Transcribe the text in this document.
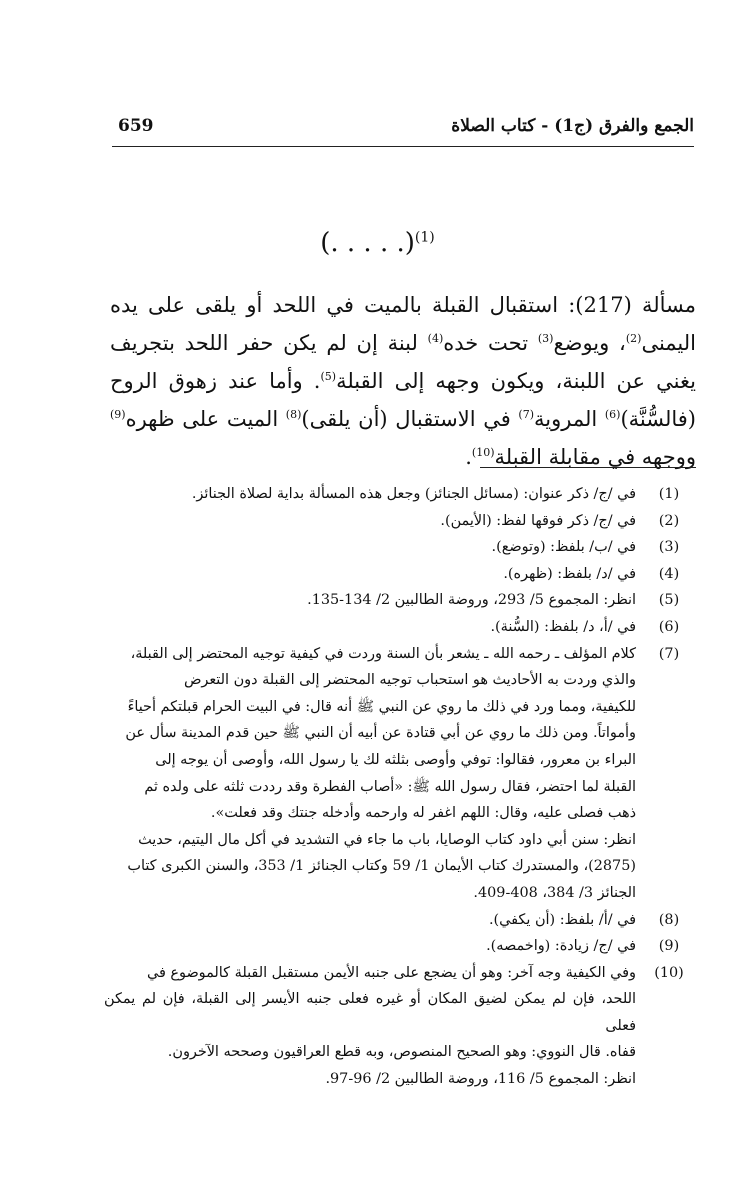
الجمع والفرق (ج1) - كتاب الصلاة
659
(. . . . .)$^{(1)}$

مسألة (217): استقبال القبلة بالميت في اللحد أو يلقى على يده اليمنى$^{(2)}$، ويوضع$^{(3)}$ تحت خده$^{(4)}$ لبنة إن لم يكن حفر اللحد بتجريف يغني عن اللبنة، ويكون وجهه إلى القبلة$^{(5)}$. وأما عند زهوق الروح (فالسُّنَّة)$^{(6)}$ المروية$^{(7)}$ في الاستقبال (أن يلقى)$^{(8)}$ الميت على ظهره$^{(9)}$ ووجهه في مقابلة القبلة$^{(10)}$.

(1)
في /ج/ ذكر عنوان: (مسائل الجنائز) وجعل هذه المسألة بداية لصلاة الجنائز.
(2)
في /ج/ ذكر فوقها لفظ: (الأيمن).
(3)
في /ب/ بلفظ: (وتوضع).
(4)
في /د/ بلفظ: (ظهره).
(5)
انظر: المجموع 5/ 293، وروضة الطالبين 2/ 134-135.
(6)
في /أ، د/ بلفظ: (السُّنة).
(7)
كلام المؤلف ـ رحمه الله ـ يشعر بأن السنة وردت في كيفية توجيه المحتضر إلى القبلة،
والذي وردت به الأحاديث هو استحباب توجيه المحتضر إلى القبلة دون التعرض
للكيفية، ومما ورد في ذلك ما روي عن النبي ﷺ أنه قال: في البيت الحرام قبلتكم أحياءً
وأمواتاً. ومن ذلك ما روي عن أبي قتادة عن أبيه أن النبي ﷺ حين قدم المدينة سأل عن
البراء بن معرور، فقالوا: توفي وأوصى بثلثه لك يا رسول الله، وأوصى أن يوجه إلى
القبلة لما احتضر، فقال رسول الله ﷺ: «أصاب الفطرة وقد رددت ثلثه على ولده ثم
ذهب فصلى عليه، وقال: اللهم اغفر له وارحمه وأدخله جنتك وقد فعلت».
انظر: سنن أبي داود كتاب الوصايا، باب ما جاء في التشديد في أكل مال اليتيم، حديث
(2875)، والمستدرك كتاب الأيمان 1/ 59 وكتاب الجنائز 1/ 353، والسنن الكبرى كتاب
الجنائز 3/ 384، 408-409.
(8)
في /أ/ بلفظ: (أن يكفي).
(9)
في /ج/ زيادة: (واخمصه).
(10)
وفي الكيفية وجه آخر: وهو أن يضجع على جنبه الأيمن مستقبل القبلة كالموضوع في
اللحد، فإن لم يمكن لضيق المكان أو غيره فعلى جنبه الأيسر إلى القبلة، فإن لم يمكن فعلى
قفاه. قال النووي: وهو الصحيح المنصوص، وبه قطع العراقيون وصححه الآخرون.
انظر: المجموع 5/ 116، وروضة الطالبين 2/ 96-97.
